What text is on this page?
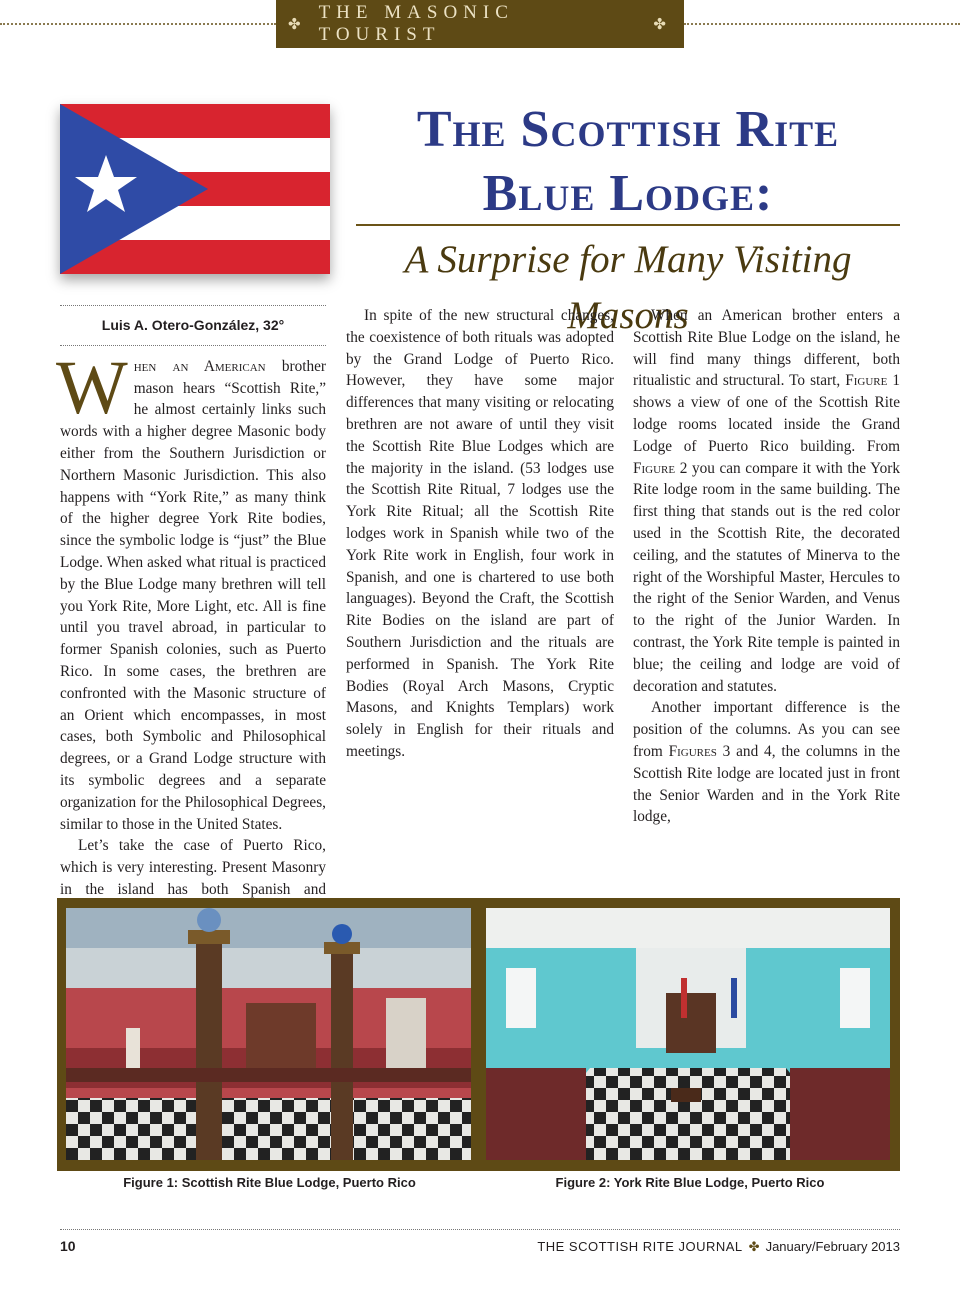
✤
THE MASONIC TOURIST	✤
The Scottish Rite
Blue Lodge:
A Surprise for Many Visiting Masons
Luis A. Otero-González, 32°

When an American brother mason hears “Scottish Rite,” he almost certainly links such words with a higher degree Masonic body either from the Southern Jurisdiction or Northern Masonic Jurisdiction. This also happens with “York Rite,” as many think of the higher degree York Rite bodies, since the symbolic lodge is “just” the Blue Lodge. When asked what ritual is practiced by the Blue Lodge many brethren will tell you York Rite, More Light, etc. All is fine until you travel abroad, in particular to former Spanish colonies, such as Puerto Rico. In some cases, the brethren are confronted with the Masonic structure of an Orient which encompasses, in most cases, both Symbolic and Philosophical degrees, or a Grand Lodge structure with its symbolic degrees and a separate organization for the Philosophical Degrees, similar to those in the United States.

Let’s take the case of Puerto Rico, which is very interesting. Present Masonry in the island has both Spanish and

In spite of the new structural changes, the coexistence of both rituals was adopted by the Grand Lodge of Puerto Rico. However, they have some major differences that many visiting or relocating brethren are not aware of until they visit the Scottish Rite Blue Lodges which are the majority in the island. (53 lodges use the Scottish Rite Ritual, 7 lodges use the York Rite Ritual; all the Scottish Rite lodges work in Spanish while two of the York Rite work in English, four work in Spanish, and one is chartered to use both languages). Beyond the Craft, the Scottish Rite Bodies on the island are part of Southern Jurisdiction and the rituals are performed in Spanish. The York Rite Bodies (Royal Arch Masons, Cryptic Masons, and Knights Templars) work solely in English for their rituals and meetings.

When an American brother enters a Scottish Rite Blue Lodge on the island, he will find many things different, both ritualistic and structural. To start, Figure 1 shows a view of one of the Scottish Rite lodge rooms located inside the Grand Lodge of Puerto Rico building. From Figure 2 you can compare it with the York Rite lodge room in the same building. The first thing that stands out is the red color used in the Scottish Rite, the decorated ceiling, and the statutes of Minerva to the right of the Worshipful Master, Hercules to the right of the Senior Warden, and Venus to the right of the Junior Warden. In contrast, the York Rite temple is painted in blue; the ceiling and lodge are void of decoration and statutes.

Another important difference is the position of the columns. As you can see from Figures 3 and 4, the columns in the Scottish Rite lodge are located just in front the Senior Warden and in the York Rite lodge,

Figure 1: Scottish Rite Blue Lodge, Puerto Rico	Figure 2: York Rite Blue Lodge, Puerto Rico
10	THE SCOTTISH RITE JOURNAL ✤ January/February 2013
